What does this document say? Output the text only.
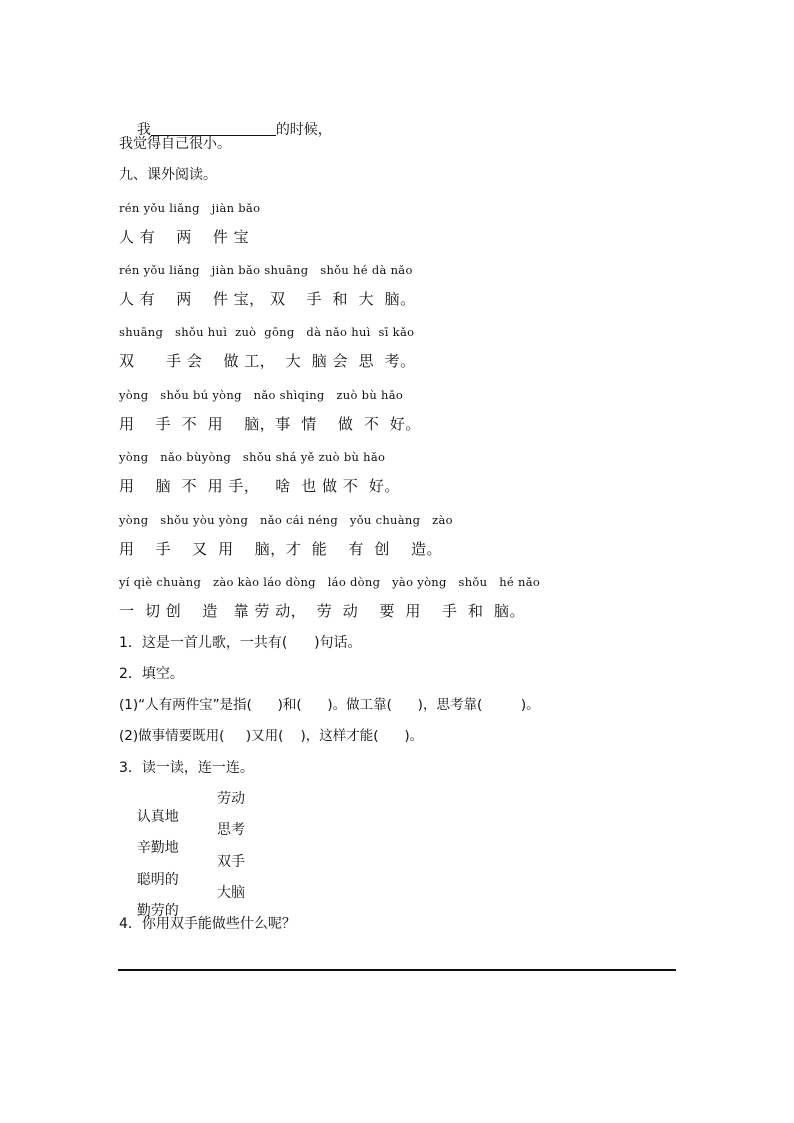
我	的时候，

我觉得自己很小。
九、课外阅读。
rén yǒu liǎng   jiàn bǎo
人 有    两    件 宝
rén yǒu liǎng   jiàn bǎo shuāng   shǒu hé dà nǎo
人 有    两    件 宝， 双    手  和  大  脑。
shuāng   shǒu huì  zuò  gōng   dà nǎo huì  sī kǎo
双      手 会    做 工，  大  脑 会  思  考。
yòng   shǒu bú yòng   nǎo shìqing   zuò bù hǎo
用    手  不  用    脑，事  情    做  不  好。
yòng   nǎo bùyòng   shǒu shá yě zuò bù hǎo
用    脑  不  用 手，   啥  也 做 不  好。
yòng   shǒu yòu yòng   nǎo cái néng   yǒu chuàng   zào
用    手    又  用    脑，才  能    有  创    造。
yí qiè chuàng   zào kào láo dòng   láo dòng   yào yòng   shǒu   hé nǎo
一  切 创    造   靠 劳 动，  劳  动    要  用    手  和  脑。
1．这是一首儿歌，一共有(      )句话。
2．填空。
(1)“人有两件宝”是指(      )和(      )。做工靠(      )，思考靠(         )。
(2)做事情要既用(     )又用(    )，这样才能(      )。
3．读一读，连一连。

认真地

劳动

辛勤地

思考

聪明的

双手

勤劳的

大脑
4．你用双手能做些什么呢？
